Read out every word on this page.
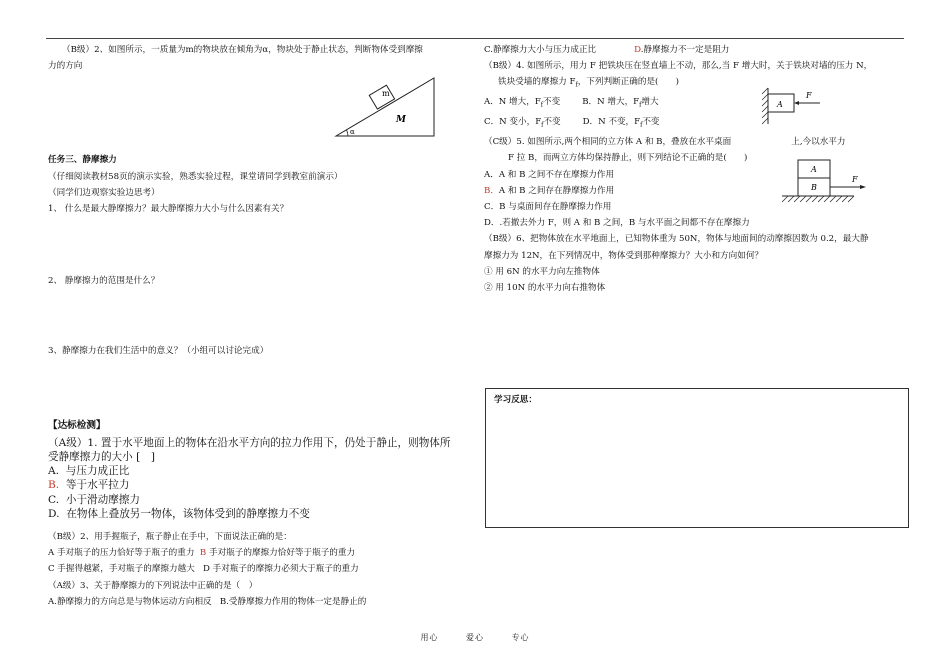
（B级）2、如图所示，一质量为m的物块放在倾角为α，物块处于静止状态，判断物体受到摩擦

力的方向

任务三、静摩擦力

（仔细阅读教材58页的演示实验，熟悉实验过程，课堂请同学到教室前演示）

（同学们边观察实验边思考）

1、 什么是最大静摩擦力？最大静摩擦力大小与什么因素有关？

2、 静摩擦力的范围是什么？

3、静摩擦力在我们生活中的意义？（小组可以讨论完成）

【达标检测】

（A级）1. 置于水平地面上的物体在沿水平方向的拉力作用下，仍处于静止，则物体所

受静摩擦力的大小 [　]

A. 与压力成正比

B. 等于水平拉力

C. 小于滑动摩擦力

D. 在物体上叠放另一物体，该物体受到的静摩擦力不变

（B级）2、用手握瓶子，瓶子静止在手中，下面说法正确的是：

A 手对瓶子的压力恰好等于瓶子的重力 B 手对瓶子的摩擦力恰好等于瓶子的重力

C 手握得越紧，手对瓶子的摩擦力越大 D 手对瓶子的摩擦力必须大于瓶子的重力

（A级）3、关于静摩擦力的下列说法中正确的是（　）

A.静摩擦力的方向总是与物体运动方向相反 B.受静摩擦力作用的物体一定是静止的

m
M
α

C.静摩擦力大小与压力成正比	D.静摩擦力不一定是阻力

（B级）4. 如图所示，用力 F 把铁块压在竖直墙上不动，那么,当 F 增大时，关于铁块对墙的压力 N，

铁块受墙的摩擦力 $F_f$，下列判断正确的是(　　)

A．N 增大，$F_f$不变	B．N 增大，$F_f$增大

C．N 变小，$F_f$不变	D．N 不变，$F_f$不变

（C级）5. 如图所示,两个相同的立方体 A 和 B，叠放在水平桌面	上,今以水平力

F 拉 B，而两立方体均保持静止，则下列结论不正确的是(　　)

A．A 和 B 之间不存在摩擦力作用

B．A 和 B 之间存在静摩擦力作用

C．B 与桌面间存在静摩擦力作用

D．.若撤去外力 F，则 A 和 B 之间，B 与水平面之间都不存在摩擦力

（B级）6、把物体放在水平地面上，已知物体重为 50N，物体与地面间的动摩擦因数为 0.2，最大静

摩擦力为 12N，在下列情况中，物体受到那种摩擦力？大小和方向如何？

① 用 6N 的水平力向左推物体

② 用 10N 的水平力向右推物体

A
F
A
B
F
学习反思：
用心	爱心	专心
